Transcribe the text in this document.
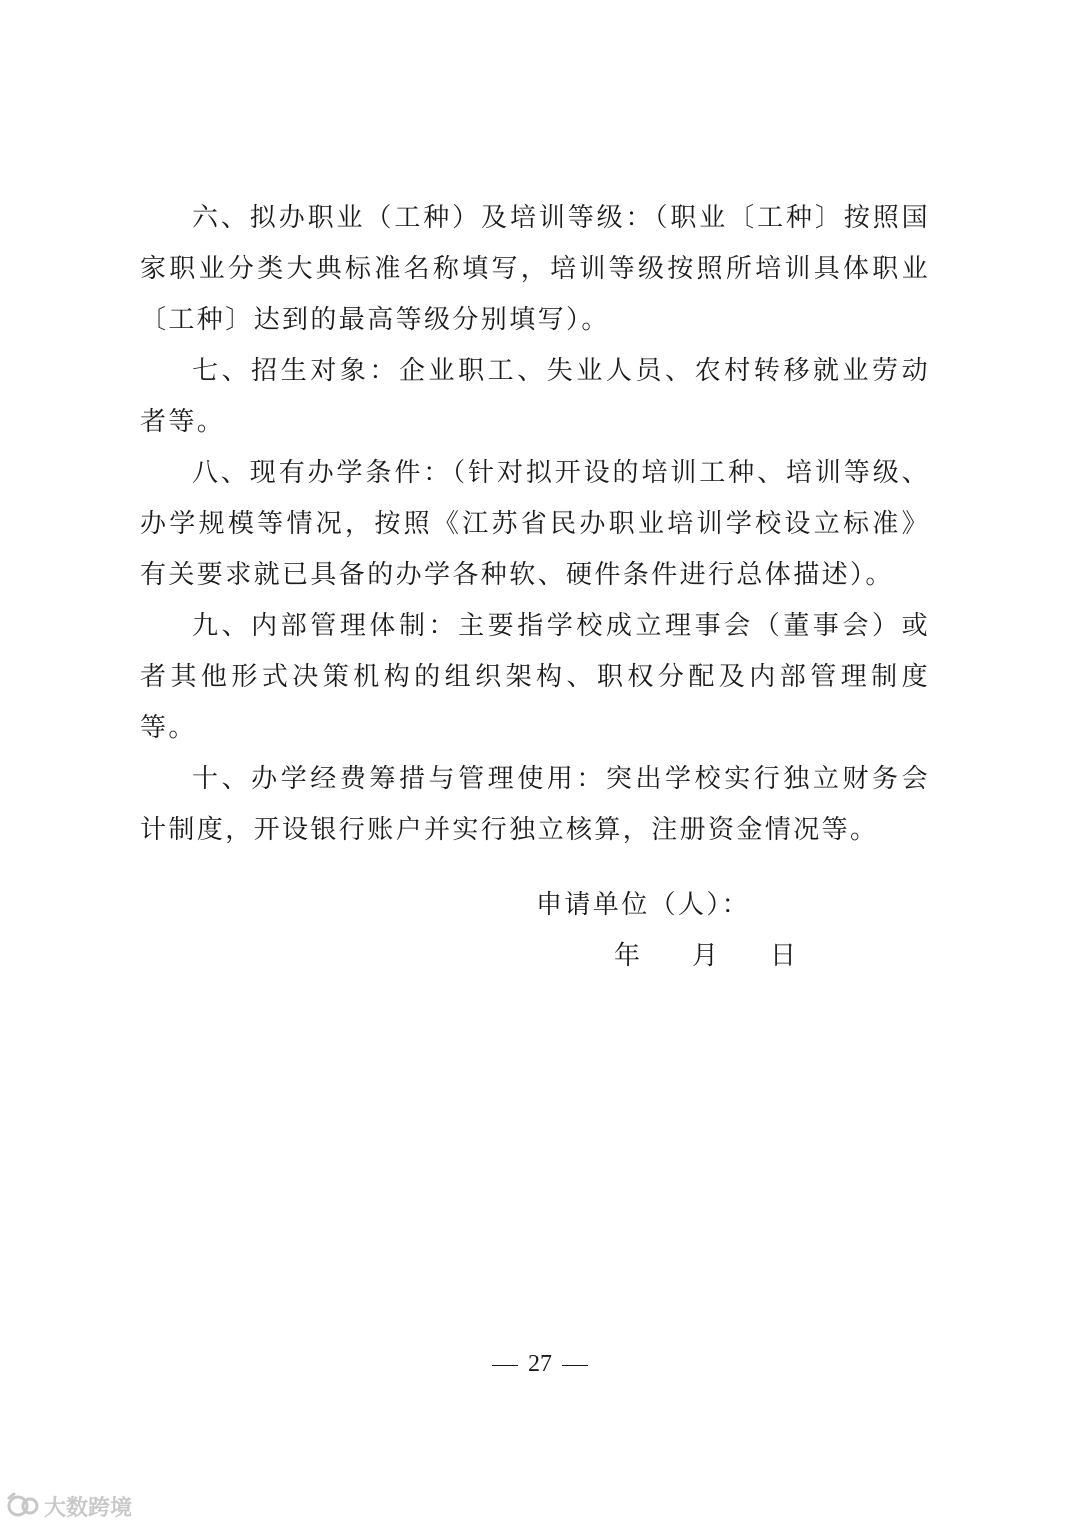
六、拟办职业（工种）及培训等级：（职业〔工种〕按照国家职业分类大典标准名称填写，培训等级按照所培训具体职业〔工种〕达到的最高等级分别填写）。

七、招生对象：企业职工、失业人员、农村转移就业劳动者等。

八、现有办学条件：（针对拟开设的培训工种、培训等级、办学规模等情况，按照《江苏省民办职业培训学校设立标准》有关要求就已具备的办学各种软、硬件条件进行总体描述）。

九、内部管理体制：主要指学校成立理事会（董事会）或者其他形式决策机构的组织架构、职权分配及内部管理制度等。

十、办学经费筹措与管理使用：突出学校实行独立财务会计制度，开设银行账户并实行独立核算，注册资金情况等。

申请单位（人）：
年 月 日
27
大数跨境
